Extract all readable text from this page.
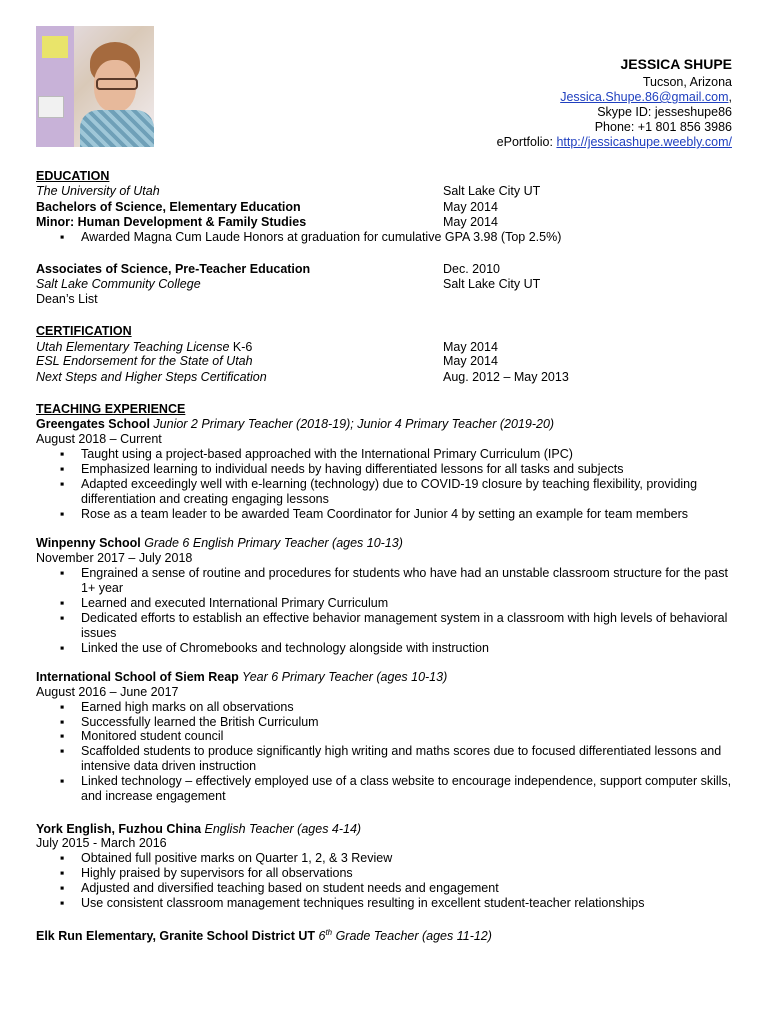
JESSICA SHUPE
Tucson, Arizona
Jessica.Shupe.86@gmail.com,
Skype ID: jesseshupe86
Phone: +1 801 856 3986
ePortfolio: http://jessicashupe.weebly.com/
EDUCATION
The University of Utah	Salt Lake City UT
Bachelors of Science, Elementary Education	May 2014
Minor: Human Development & Family Studies	May 2014
▪ Awarded Magna Cum Laude Honors at graduation for cumulative GPA 3.98 (Top 2.5%)
Associates of Science, Pre-Teacher Education	Dec. 2010
Salt Lake Community College	Salt Lake City UT
Dean’s List
CERTIFICATION
Utah Elementary Teaching License K-6	May 2014
ESL Endorsement for the State of Utah	May 2014
Next Steps and Higher Steps Certification	Aug. 2012 – May 2013
TEACHING EXPERIENCE
Greengates School Junior 2 Primary Teacher (2018-19); Junior 4 Primary Teacher (2019-20)
August 2018 – Current
▪ Taught using a project-based approached with the International Primary Curriculum (IPC)
▪ Emphasized learning to individual needs by having differentiated lessons for all tasks and subjects
▪ Adapted exceedingly well with e-learning (technology) due to COVID-19 closure by teaching flexibility, providing differentiation and creating engaging lessons
▪ Rose as a team leader to be awarded Team Coordinator for Junior 4 by setting an example for team members
Winpenny School Grade 6 English Primary Teacher (ages 10-13)
November 2017 – July 2018
▪ Engrained a sense of routine and procedures for students who have had an unstable classroom structure for the past 1+ year
▪ Learned and executed International Primary Curriculum
▪ Dedicated efforts to establish an effective behavior management system in a classroom with high levels of behavioral issues
▪ Linked the use of Chromebooks and technology alongside with instruction
International School of Siem Reap Year 6 Primary Teacher (ages 10-13)
August 2016 – June 2017
▪ Earned high marks on all observations
▪ Successfully learned the British Curriculum
▪ Monitored student council
▪ Scaffolded students to produce significantly high writing and maths scores due to focused differentiated lessons and intensive data driven instruction
▪ Linked technology – effectively employed use of a class website to encourage independence, support computer skills, and increase engagement
York English, Fuzhou China English Teacher (ages 4-14)
July 2015 - March 2016
▪ Obtained full positive marks on Quarter 1, 2, & 3 Review
▪ Highly praised by supervisors for all observations
▪ Adjusted and diversified teaching based on student needs and engagement
▪ Use consistent classroom management techniques resulting in excellent student-teacher relationships
Elk Run Elementary, Granite School District UT 6th Grade Teacher (ages 11-12)
